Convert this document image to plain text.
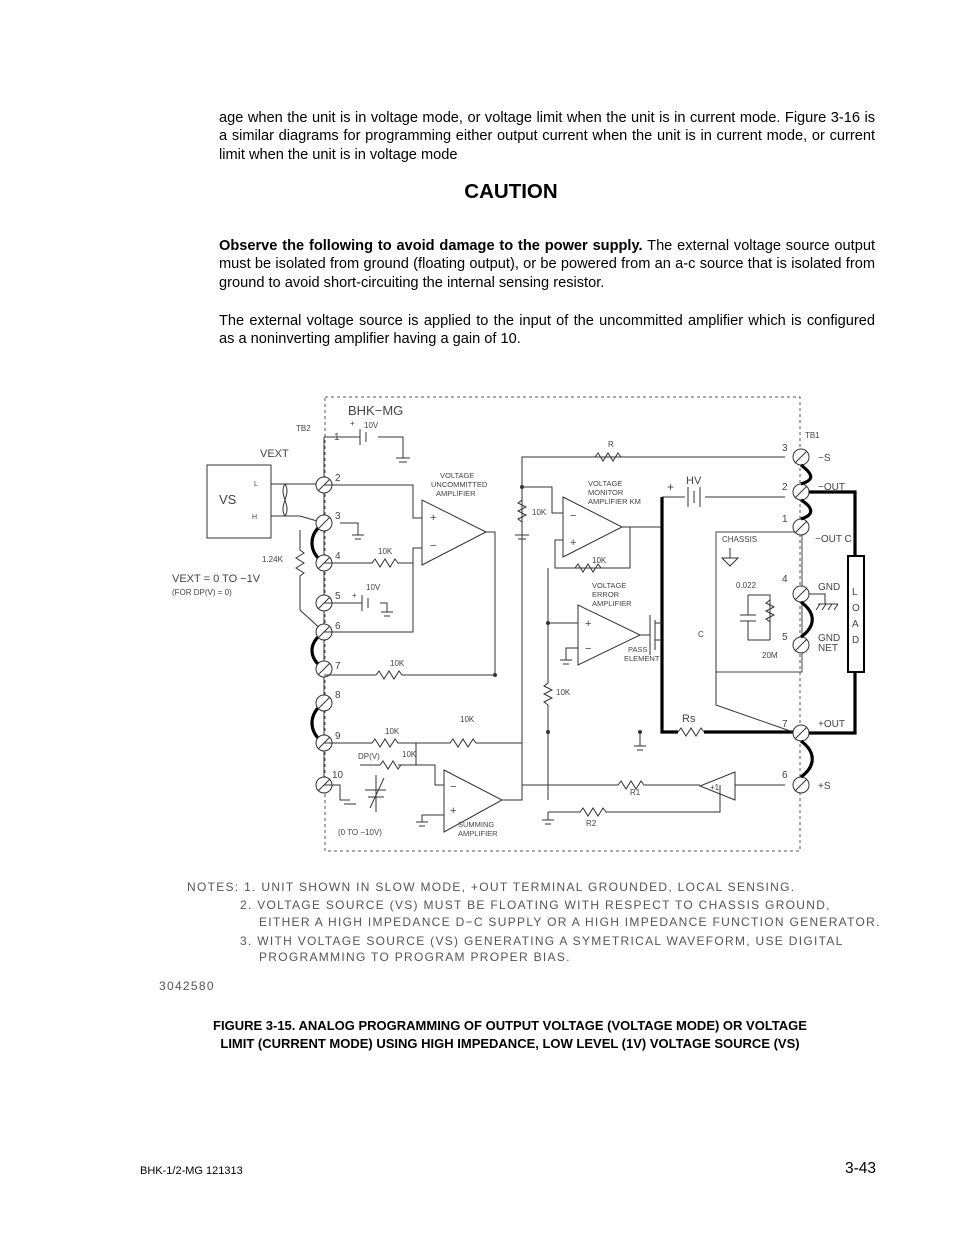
age when the unit is in voltage mode, or voltage limit when the unit is in current mode. Figure 3-16 is a similar diagrams for programming either output current when the unit is in current mode, or current limit when the unit is in voltage mode

CAUTION

Observe the following to avoid damage to the power supply. The external voltage source output must be isolated from ground (floating output), or be powered from an a-c source that is isolated from ground to avoid short-circuiting the internal sensing resistor.

The external voltage source is applied to the input of the uncommitted amplifier which is configured as a noninverting amplifier having a gain of 10.

BHK−MG
TB2
TB1
VS
L
H
VEXT
10V
+
1.24K
VEXT = 0 TO −1V
(FOR DP(V) = 0)
1
2
3
4
5
6
7
8
9
10
+
−
VOLTAGE
UNCOMMITTED
AMPLIFIER
10K
10V
+
10K
10K
10K
10K
DP(V)
−
+
SUMMING
AMPLIFIER
(0 TO −10V)
R
−
+
VOLTAGE
MONITOR
AMPLIFIER KM
10K
10K
HV
+
+
−
VOLTAGE
ERROR
AMPLIFIER
PASS
ELEMENT
10K
Rs
CHASSIS
0.022
20M
C
+1
R1
R2
3
2
1
4
5
7
6
−S
−OUT
−OUT C
GND
GND
NET
+OUT
+S
L
O
A
D
NOTES: 1. UNIT SHOWN IN SLOW MODE, +OUT TERMINAL GROUNDED, LOCAL SENSING.
2. VOLTAGE SOURCE (VS) MUST BE FLOATING WITH RESPECT TO CHASSIS GROUND,
EITHER A HIGH IMPEDANCE D−C SUPPLY OR A HIGH IMPEDANCE FUNCTION GENERATOR.
3. WITH VOLTAGE SOURCE (VS) GENERATING A SYMETRICAL WAVEFORM, USE DIGITAL
PROGRAMMING TO PROGRAM PROPER BIAS.
3042580
FIGURE 3-15. ANALOG PROGRAMMING OF OUTPUT VOLTAGE (VOLTAGE MODE) OR VOLTAGE
LIMIT (CURRENT MODE) USING HIGH IMPEDANCE, LOW LEVEL (1V) VOLTAGE SOURCE (VS)
BHK-1/2-MG 121313	3-43
